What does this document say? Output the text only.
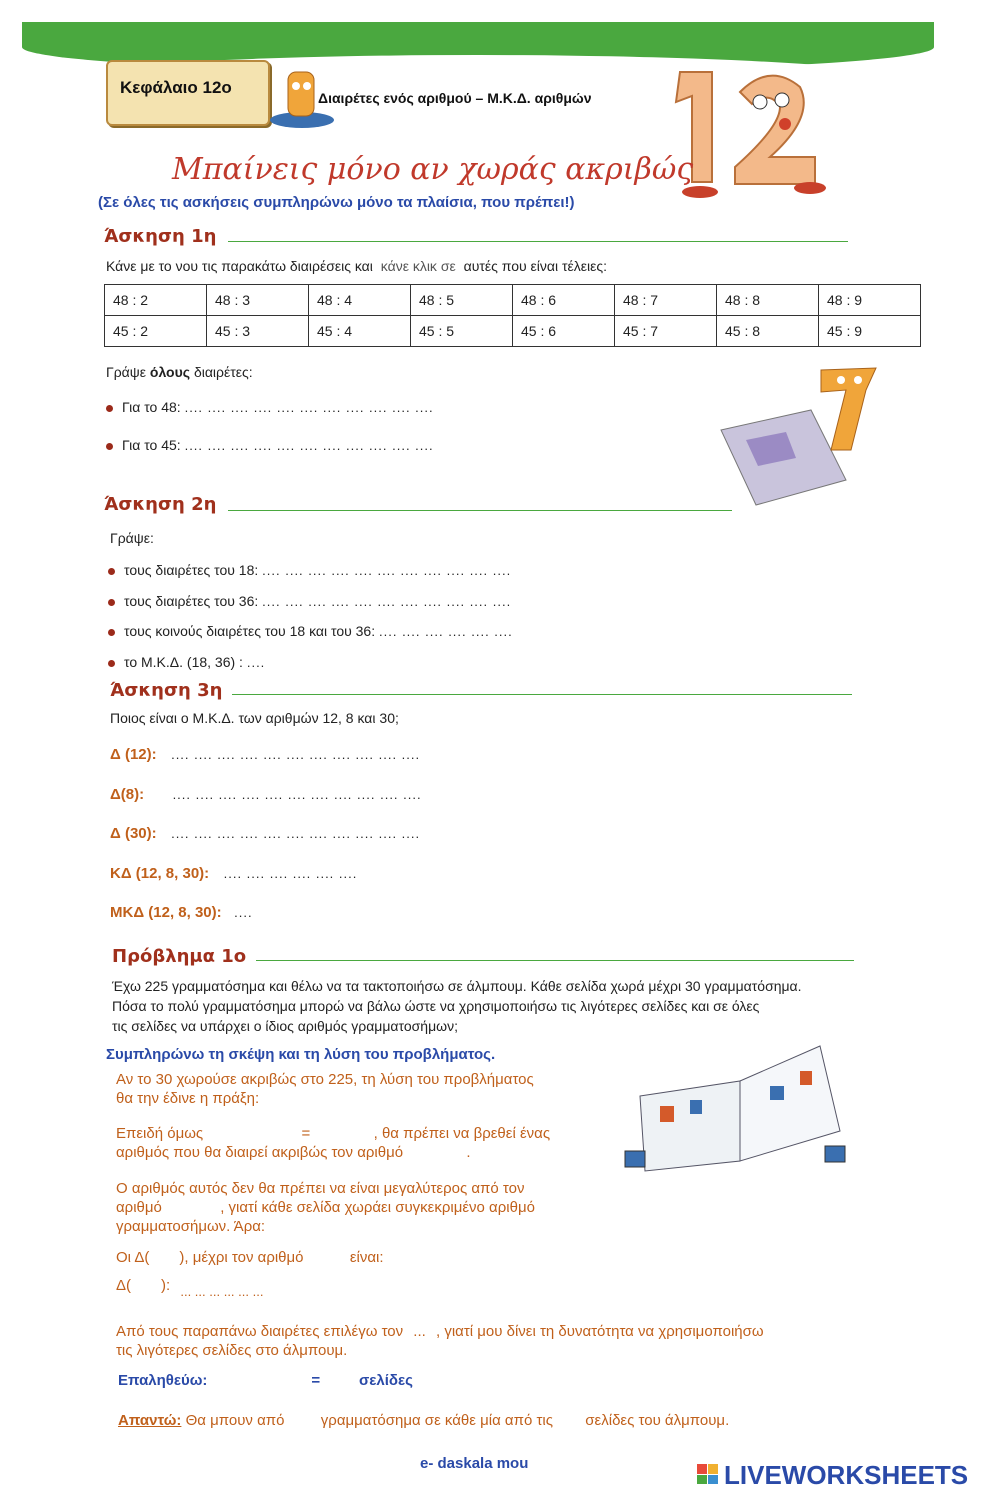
Κεφάλαιο 12ο
Διαιρέτες ενός αριθμού – Μ.Κ.Δ. αριθμών
Μπαίνεις μόνο αν χωράς ακριβώς
(Σε όλες τις ασκήσεις συμπληρώνω μόνο τα πλαίσια, που πρέπει!)
Άσκηση 1η
Κάνε με το νου τις παρακάτω διαιρέσεις και κάνε κλικ σε αυτές που είναι τέλειες:
48 : 2	48 : 3	48 : 4	48 : 5	48 : 6	48 : 7	48 : 8	48 : 9
45 : 2	45 : 3	45 : 4	45 : 5	45 : 6	45 : 7	45 : 8	45 : 9
Γράψε όλους διαιρέτες:
Για το 48: .... .... .... .... .... .... .... .... .... .... ....
Για το 45: .... .... .... .... .... .... .... .... .... .... ....
Άσκηση 2η
Γράψε:
τους διαιρέτες του 18: .... .... .... .... .... .... .... .... .... .... ....
τους διαιρέτες του 36: .... .... .... .... .... .... .... .... .... .... ....
τους κοινούς διαιρέτες του 18 και του 36: .... .... .... .... .... ....
το Μ.Κ.Δ. (18, 36) : ....
Άσκηση 3η
Ποιος είναι ο Μ.Κ.Δ. των αριθμών 12, 8 και 30;
Δ (12): .... .... .... .... .... .... .... .... .... .... ....
Δ(8): .... .... .... .... .... .... .... .... .... .... ....
Δ (30): .... .... .... .... .... .... .... .... .... .... ....
ΚΔ (12, 8, 30): .... .... .... .... .... ....
ΜΚΔ (12, 8, 30): ....
Πρόβλημα 1ο
Έχω 225 γραμματόσημα και θέλω να τα τακτοποιήσω σε άλμπουμ. Κάθε σελίδα χωρά μέχρι 30 γραμματόσημα.
Πόσα το πολύ γραμματόσημα μπορώ να βάλω ώστε να χρησιμοποιήσω τις λιγότερες σελίδες και σε όλες
τις σελίδες να υπάρχει ο ίδιος αριθμός γραμματοσήμων;
Συμπληρώνω τη σκέψη και τη λύση του προβλήματος.
Αν το 30 χωρούσε ακριβώς στο 225, τη λύση του προβλήματος
θα την έδινε η πράξη:
Επειδή όμως	=	, θα πρέπει να βρεθεί ένας
αριθμός που θα διαιρεί ακριβώς τον αριθμό	.
Ο αριθμός αυτός δεν θα πρέπει να είναι μεγαλύτερος από τον
αριθμό	, γιατί κάθε σελίδα χωράει συγκεκριμένο αριθμό
γραμματοσήμων. Άρα:
Οι Δ( ), μέχρι τον αριθμό	είναι:
Δ( ): ... ... ... ... ... ...
Από τους παραπάνω διαιρέτες επιλέγω τον ... , γιατί μου δίνει τη δυνατότητα να χρησιμοποιήσω
τις λιγότερες σελίδες στο άλμπουμ.
Επαληθεύω:	=	σελίδες
Απαντώ: Θα μπουν από γραμματόσημα σε κάθε μία από τις σελίδες του άλμπουμ.
e- daskala mou	LIVEWORKSHEETS
